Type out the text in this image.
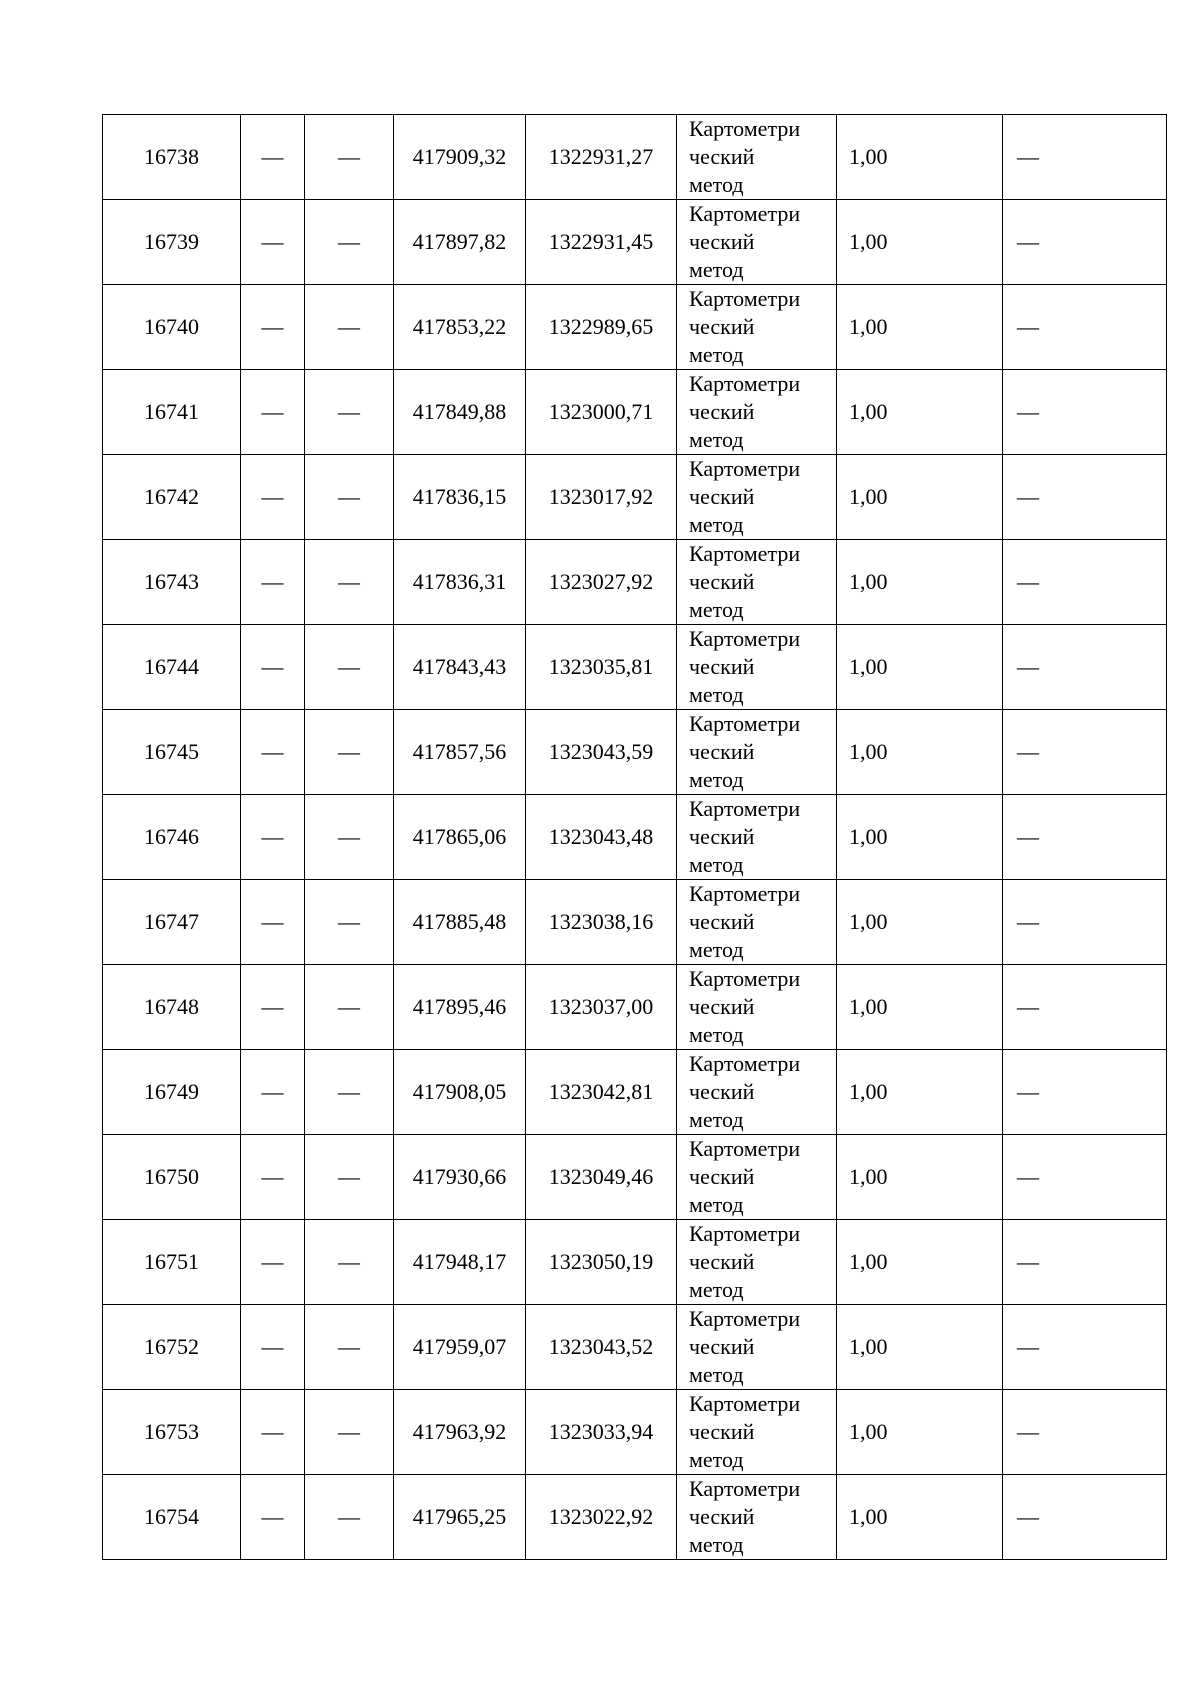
16738	—	—	417909,32	1322931,27	Картометри
ческий
метод	1,00	—
16739	—	—	417897,82	1322931,45	Картометри
ческий
метод	1,00	—
16740	—	—	417853,22	1322989,65	Картометри
ческий
метод	1,00	—
16741	—	—	417849,88	1323000,71	Картометри
ческий
метод	1,00	—
16742	—	—	417836,15	1323017,92	Картометри
ческий
метод	1,00	—
16743	—	—	417836,31	1323027,92	Картометри
ческий
метод	1,00	—
16744	—	—	417843,43	1323035,81	Картометри
ческий
метод	1,00	—
16745	—	—	417857,56	1323043,59	Картометри
ческий
метод	1,00	—
16746	—	—	417865,06	1323043,48	Картометри
ческий
метод	1,00	—
16747	—	—	417885,48	1323038,16	Картометри
ческий
метод	1,00	—
16748	—	—	417895,46	1323037,00	Картометри
ческий
метод	1,00	—
16749	—	—	417908,05	1323042,81	Картометри
ческий
метод	1,00	—
16750	—	—	417930,66	1323049,46	Картометри
ческий
метод	1,00	—
16751	—	—	417948,17	1323050,19	Картометри
ческий
метод	1,00	—
16752	—	—	417959,07	1323043,52	Картометри
ческий
метод	1,00	—
16753	—	—	417963,92	1323033,94	Картометри
ческий
метод	1,00	—
16754	—	—	417965,25	1323022,92	Картометри
ческий
метод	1,00	—
